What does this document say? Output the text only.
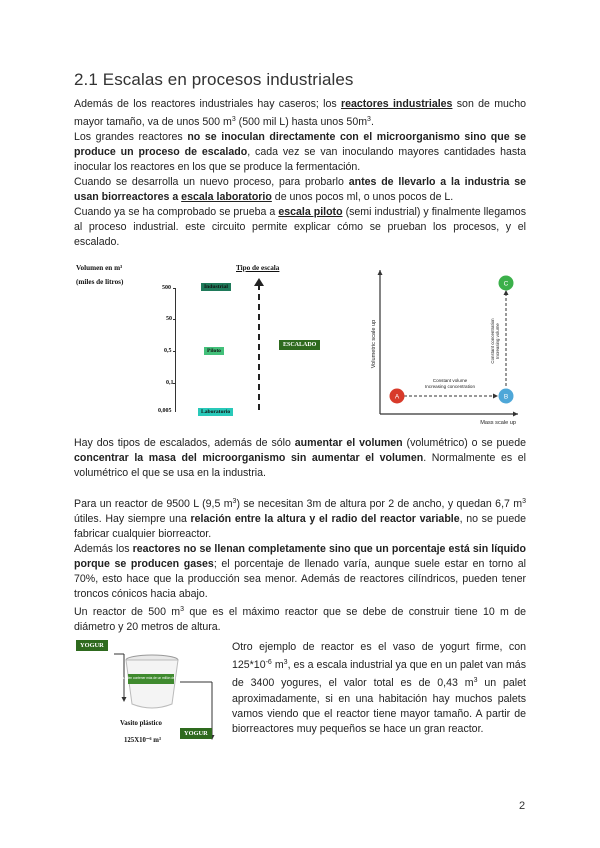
2.1 Escalas en procesos industriales

Además de los reactores industriales hay caseros; los reactores industriales son de mucho mayor tamaño, va de unos 500 $m^3$ (500 mil L) hasta unos $50m^3$.

Los grandes reactores no se inoculan directamente con el microorganismo sino que se produce un proceso de escalado, cada vez se van inoculando mayores cantidades hasta inocular los reactores en los que se produce la fermentación.

Cuando se desarrolla un nuevo proceso, para probarlo antes de llevarlo a la industria se usan biorreactores a escala laboratorio de unos pocos ml, o unos pocos de L.

Cuando ya se ha comprobado se prueba a escala piloto (semi industrial) y finalmente llegamos al proceso industrial. este circuito permite explicar cómo se prueban los procesos, y el escalado.

Volumen en m³
(miles de litros)
Tipo de escala
500
50
0,5
0,1
0,005
Industrial
Piloto
Laboratorio
ESCALADO	Volumetric scale up
Mass scale up
Constant volume
Increasing concentration
Constant concentration Increasing volume
A	B
C

Hay dos tipos de escalados, además de sólo aumentar el volumen (volumétrico) o se puede concentrar la masa del microorganismo sin aumentar el volumen. Normalmente es el volumétrico el que se usa en la industria.

Para un reactor de 9500 L (9,5 $m^3$) se necesitan 3m de altura por 2 de ancho, y quedan 6,7 $m^3$ útiles. Hay siempre una relación entre la altura y el radio del reactor variable, no se puede fabricar cualquier biorreactor.

Además los reactores no se llenan completamente sino que un porcentaje está sin líquido porque se producen gases; el porcentaje de llenado varía, aunque suele estar en torno al 70%, esto hace que la producción sea menor. Además de reactores cilíndricos, pueden tener troncos cónicos hacia abajo.

Un reactor de 500 $m^3$ que es el máximo reactor que se debe de construir tiene 10 m de diámetro y 20 metros de altura.

YOGUR
125X10⁻⁶ m³ pueden contener más de un millón de microorganismos
Vasito plástico
125X10⁻⁶ m³
YOGUR
Otro ejemplo de reactor es el vaso de yogurt firme, con $125*10^{-6}$ $m^3$, es a escala industrial ya que en un palet van más de 3400 yogures, el valor total es de 0,43 $m^3$ un palet aproximadamente, si en una habitación hay muchos palets vamos viendo que el reactor tiene mayor tamaño. A partir de biorreactores muy pequeños se hace un gran reactor.
2
